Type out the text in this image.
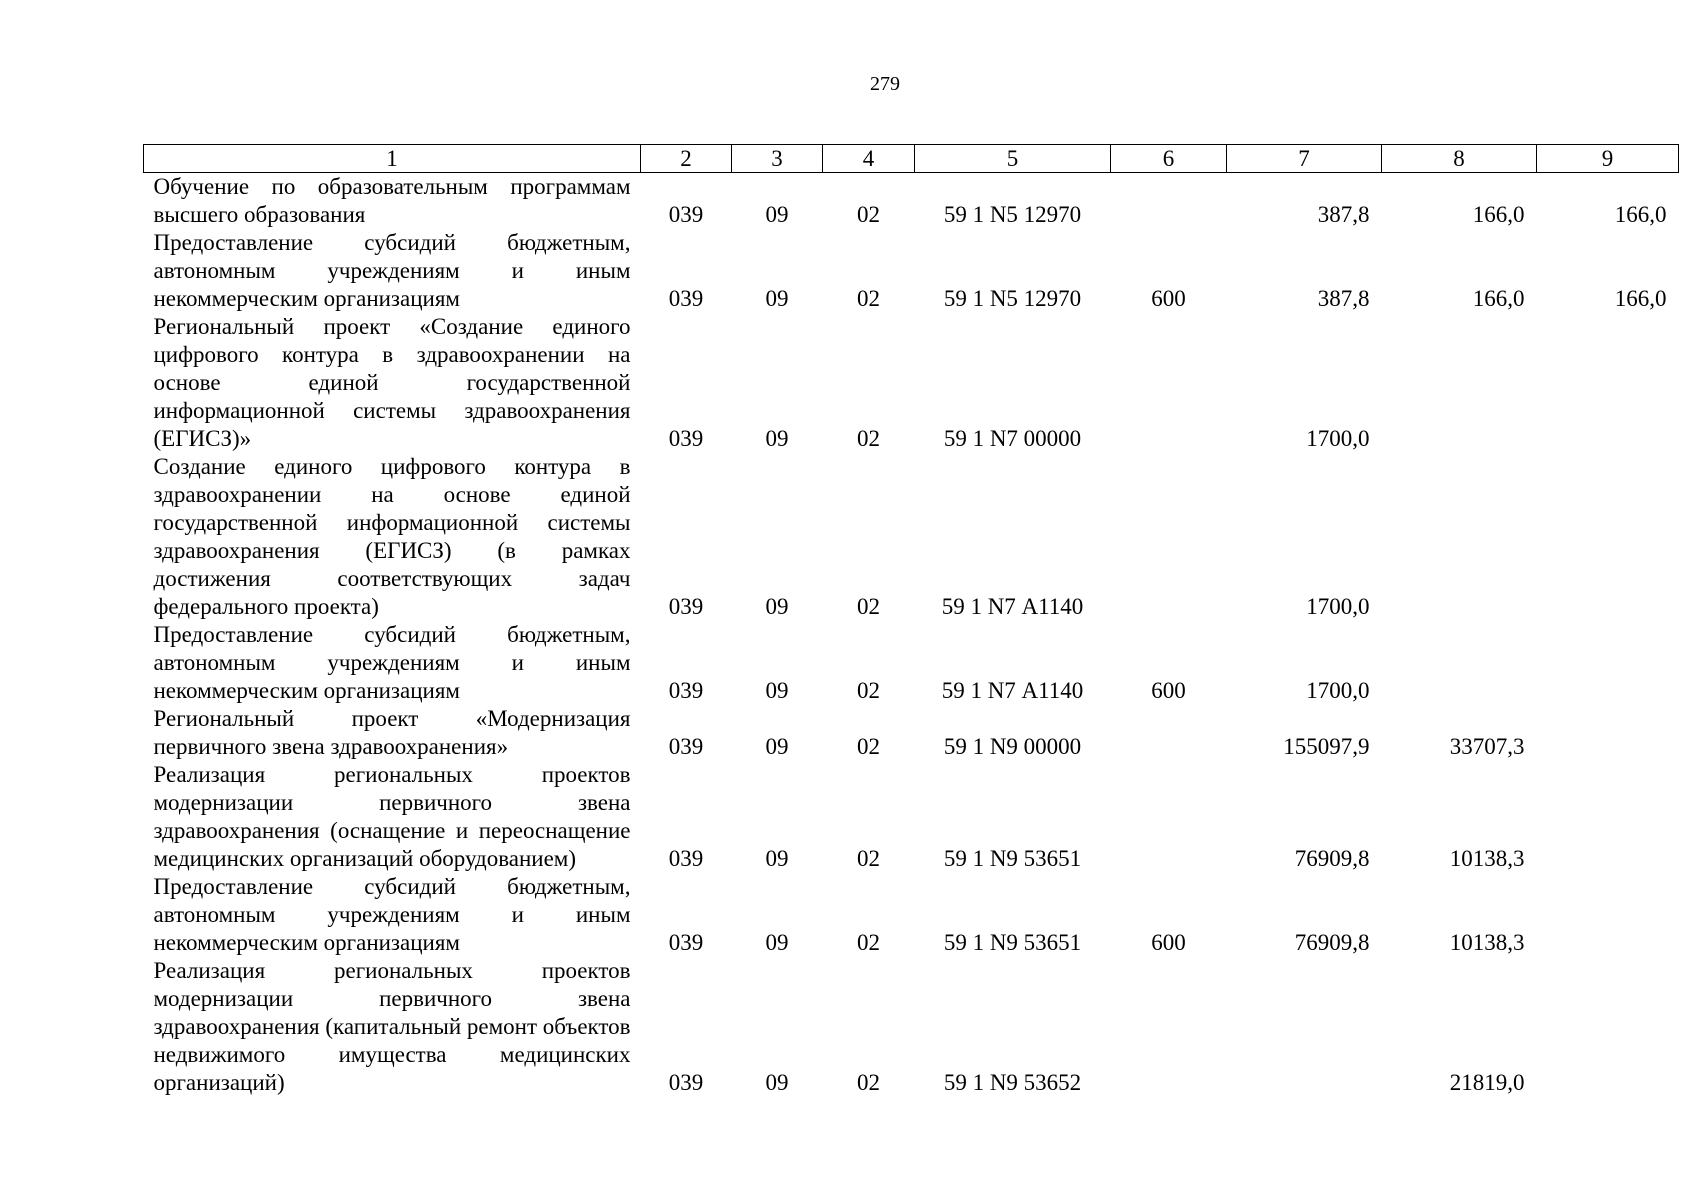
279
1	2	3	4	5	6	7	8	9
Обучение по образовательным программам высшего образования	039	09	02	59 1 N5 12970		387,8	166,0	166,0
Предоставление субсидий бюджетным, автономным учреждениям и иным некоммерческим организациям	039	09	02	59 1 N5 12970	600	387,8	166,0	166,0
Региональный проект «Создание единого цифрового контура в здравоохранении на основе единой государственной информационной системы здравоохранения (ЕГИСЗ)»	039	09	02	59 1 N7 00000		1700,0		
Создание единого цифрового контура в здравоохранении на основе единой государственной информационной системы здравоохранения (ЕГИСЗ) (в рамках достижения соответствующих задач федерального проекта)	039	09	02	59 1 N7 А1140		1700,0		
Предоставление субсидий бюджетным, автономным учреждениям и иным некоммерческим организациям	039	09	02	59 1 N7 А1140	600	1700,0		
Региональный проект «Модернизация первичного звена здравоохранения»	039	09	02	59 1 N9 00000		155097,9	33707,3	
Реализация региональных проектов модернизации первичного звена здравоохранения (оснащение и переоснащение медицинских организаций оборудованием)	039	09	02	59 1 N9 53651		76909,8	10138,3	
Предоставление субсидий бюджетным, автономным учреждениям и иным некоммерческим организациям	039	09	02	59 1 N9 53651	600	76909,8	10138,3	
Реализация региональных проектов модернизации первичного звена здравоохранения (капитальный ремонт объектов недвижимого имущества медицинских организаций)	039	09	02	59 1 N9 53652			21819,0	
